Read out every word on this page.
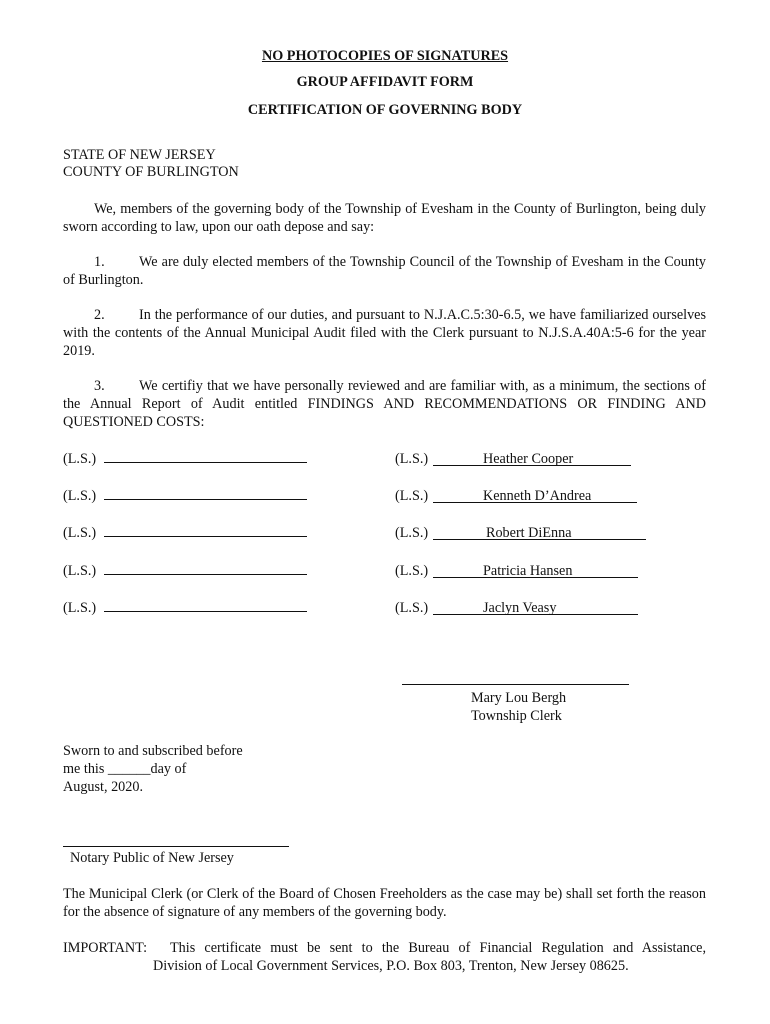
NO PHOTOCOPIES OF SIGNATURES
GROUP AFFIDAVIT FORM
CERTIFICATION OF GOVERNING BODY
STATE OF NEW JERSEY
COUNTY OF BURLINGTON
We, members of the governing body of the Township of Evesham in the County of Burlington, being duly sworn according to law, upon our oath depose and say:
1. We are duly elected members of the Township Council of the Township of Evesham in the County of Burlington.
2. In the performance of our duties, and pursuant to N.J.A.C.5:30-6.5, we have familiarized ourselves with the contents of the Annual Municipal Audit filed with the Clerk pursuant to N.J.S.A.40A:5-6 for the year 2019.
3. We certifiy that we have personally reviewed and are familiar with, as a minimum, the sections of the Annual Report of Audit entitled FINDINGS AND RECOMMENDATIONS OR FINDING AND QUESTIONED COSTS:
(L.S.)	(L.S.)	Heather Cooper
(L.S.)	(L.S.)	Kenneth D’Andrea
(L.S.)	(L.S.)	Robert DiEnna
(L.S.)	(L.S.)	Patricia Hansen
(L.S.)	(L.S.)	Jaclyn Veasy
Mary Lou Bergh
Township Clerk
Sworn to and subscribed before
me this ______day of
August, 2020.
Notary Public of New Jersey
The Municipal Clerk (or Clerk of the Board of Chosen Freeholders as the case may be) shall set forth the reason for the absence of signature of any members of the governing body.
IMPORTANT: This certificate must be sent to the Bureau of Financial Regulation and Assistance,
Division of Local Government Services, P.O. Box 803, Trenton, New Jersey 08625.
